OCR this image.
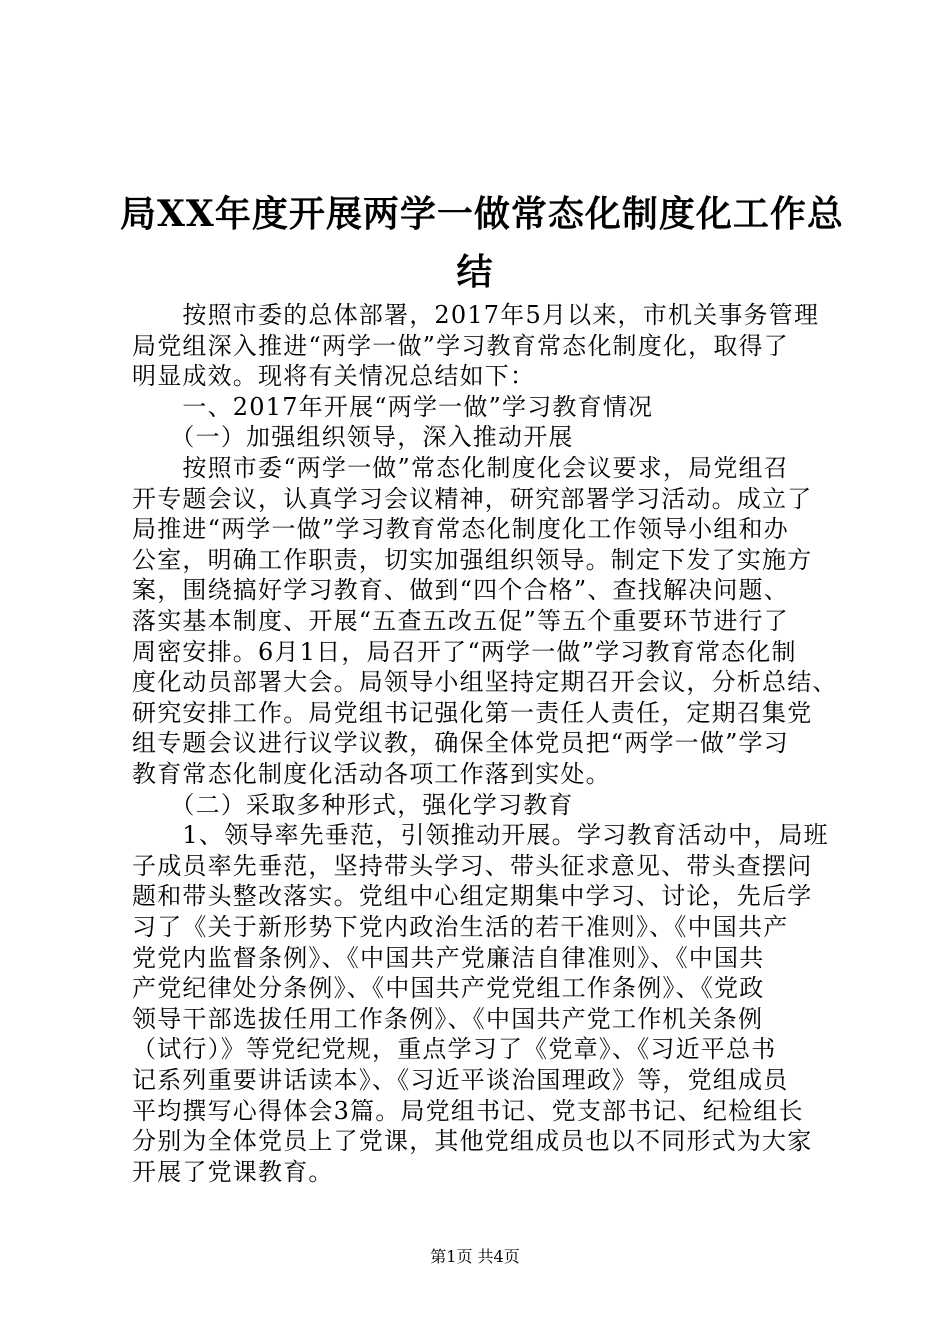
局XX年度开展两学一做常态化制度化工作总
结
　　按照市委的总体部署，2017年5月以来，市机关事务管理
局党组深入推进“两学一做”学习教育常态化制度化，取得了
明显成效。现将有关情况总结如下：
　　一、2017年开展“两学一做”学习教育情况
　　（一）加强组织领导，深入推动开展
　　按照市委“两学一做”常态化制度化会议要求，局党组召
开专题会议，认真学习会议精神，研究部署学习活动。成立了
局推进“两学一做”学习教育常态化制度化工作领导小组和办
公室，明确工作职责，切实加强组织领导。制定下发了实施方
案，围绕搞好学习教育、做到“四个合格”、查找解决问题、
落实基本制度、开展“五查五改五促”等五个重要环节进行了
周密安排。6月1日，局召开了“两学一做”学习教育常态化制
度化动员部署大会。局领导小组坚持定期召开会议，分析总结、
研究安排工作。局党组书记强化第一责任人责任，定期召集党
组专题会议进行议学议教，确保全体党员把“两学一做”学习
教育常态化制度化活动各项工作落到实处。
　　（二）采取多种形式，强化学习教育
　　1、领导率先垂范，引领推动开展。学习教育活动中，局班
子成员率先垂范，坚持带头学习、带头征求意见、带头查摆问
题和带头整改落实。党组中心组定期集中学习、讨论，先后学
习了《关于新形势下党内政治生活的若干准则》、《中国共产
党党内监督条例》、《中国共产党廉洁自律准则》、《中国共
产党纪律处分条例》、《中国共产党党组工作条例》、《党政
领导干部选拔任用工作条例》、《中国共产党工作机关条例
（试行）》等党纪党规，重点学习了《党章》、《习近平总书
记系列重要讲话读本》、《习近平谈治国理政》等，党组成员
平均撰写心得体会3篇。局党组书记、党支部书记、纪检组长
分别为全体党员上了党课，其他党组成员也以不同形式为大家
开展了党课教育。
第1页 共4页
